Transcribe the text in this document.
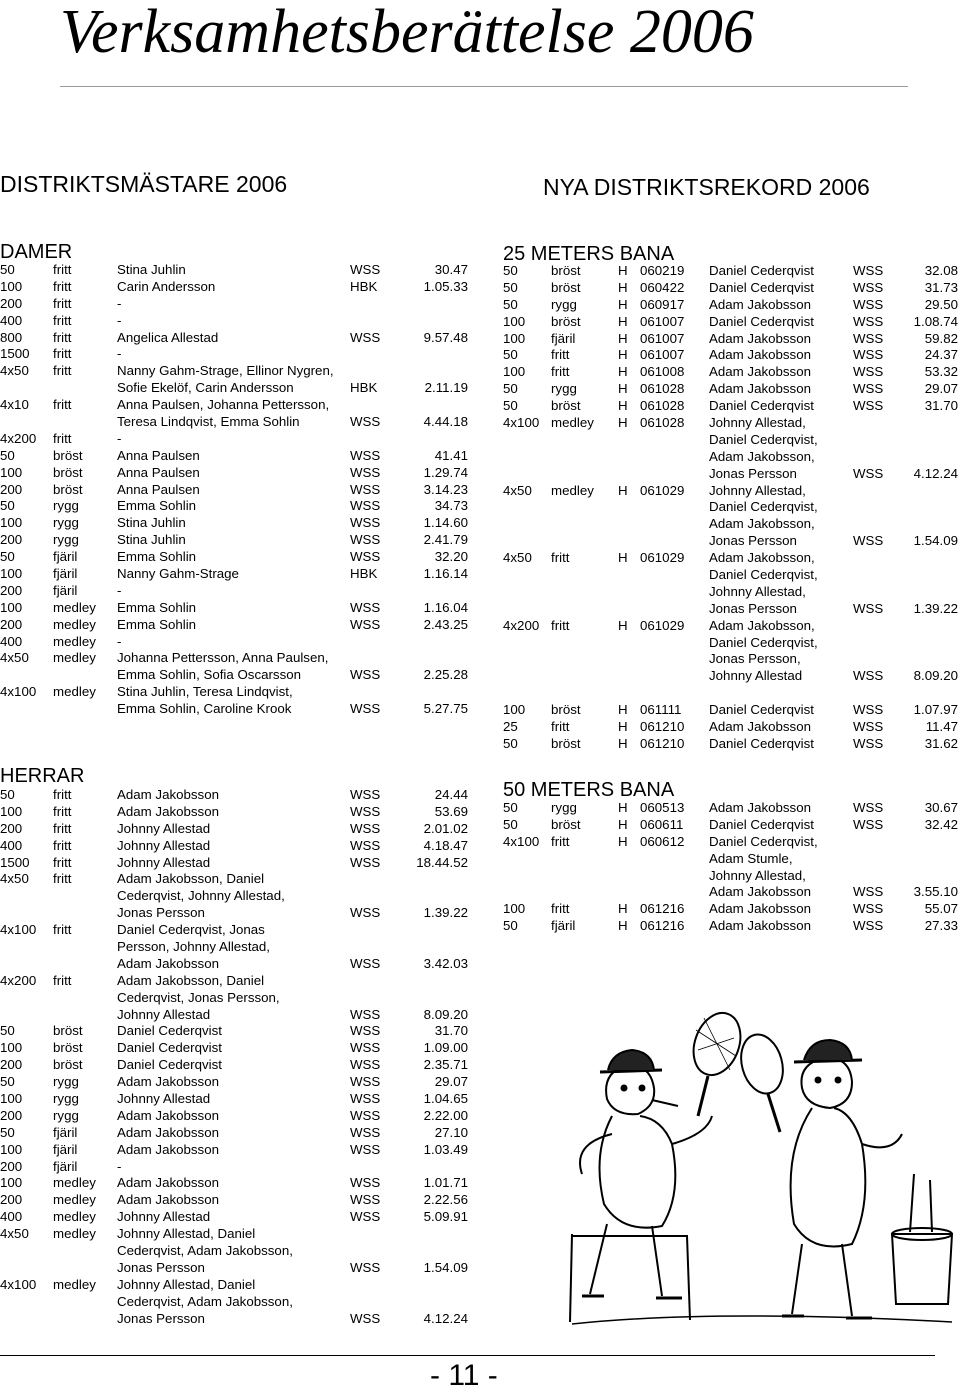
Verksamhetsberättelse 2006
DISTRIKTSMÄSTARE 2006	NYA DISTRIKTSREKORD 2006
DAMER
50	fritt	Stina Juhlin	WSS	30.47
100 fritt	Carin Andersson	HBK	1.05.33
200 fritt	-
400 fritt	-
800 fritt	Angelica Allestad	WSS	9.57.48
1500 fritt	-
4x50 fritt	Nanny Gahm-Strage, Ellinor Nygren,
Sofie Ekelöf, Carin Andersson	HBK	2.11.19
4x10 fritt	Anna Paulsen, Johanna Pettersson,
Teresa Lindqvist, Emma Sohlin	WSS	4.44.18
4x200 fritt	-
50	bröst	Anna Paulsen	WSS	41.41
100 bröst	Anna Paulsen	WSS	1.29.74
200 bröst	Anna Paulsen	WSS	3.14.23
50	rygg	Emma Sohlin	WSS	34.73
100 rygg	Stina Juhlin	WSS	1.14.60
200 rygg	Stina Juhlin	WSS	2.41.79
50	fjäril	Emma Sohlin	WSS	32.20
100 fjäril	Nanny Gahm-Strage	HBK	1.16.14
200 fjäril	-
100 medley Emma Sohlin	WSS	1.16.04
200 medley Emma Sohlin	WSS	2.43.25
400 medley -
4x50 medley Johanna Pettersson, Anna Paulsen,
Emma Sohlin, Sofia Oscarsson	WSS	2.25.28
4x100 medley Stina Juhlin, Teresa Lindqvist,
Emma Sohlin, Caroline Krook	WSS	5.27.75
HERRAR
50	fritt	Adam Jakobsson	WSS	24.44
100 fritt	Adam Jakobsson	WSS	53.69
200 fritt	Johnny Allestad	WSS	2.01.02
400 fritt	Johnny Allestad	WSS	4.18.47
1500 fritt	Johnny Allestad	WSS	18.44.52
4x50 fritt	Adam Jakobsson, Daniel
Cederqvist, Johnny Allestad,
Jonas Persson	WSS	1.39.22
4x100 fritt	Daniel Cederqvist, Jonas
Persson, Johnny Allestad,
Adam Jakobsson	WSS	3.42.03
4x200 fritt	Adam Jakobsson, Daniel
Cederqvist, Jonas Persson,
Johnny Allestad	WSS	8.09.20
50	bröst	Daniel Cederqvist	WSS	31.70
100 bröst	Daniel Cederqvist	WSS	1.09.00
200 bröst	Daniel Cederqvist	WSS	2.35.71
50	rygg	Adam Jakobsson	WSS	29.07
100 rygg	Johnny Allestad	WSS	1.04.65
200 rygg	Adam Jakobsson	WSS	2.22.00
50	fjäril	Adam Jakobsson	WSS	27.10
100 fjäril	Adam Jakobsson	WSS	1.03.49
200 fjäril	-
100 medley Adam Jakobsson	WSS	1.01.71
200 medley Adam Jakobsson	WSS	2.22.56
400 medley Johnny Allestad	WSS	5.09.91
4x50 medley Johnny Allestad, Daniel
Cederqvist, Adam Jakobsson,
Jonas Persson	WSS	1.54.09
4x100 medley Johnny Allestad, Daniel
Cederqvist, Adam Jakobsson,
Jonas Persson	WSS	4.12.24
25 METERS BANA
50 bröst	H 060219 Daniel Cederqvist	WSS	32.08
50 bröst	H 060422 Daniel Cederqvist	WSS	31.73
50 rygg	H 060917 Adam Jakobsson	WSS	29.50
100 bröst	H 061007 Daniel Cederqvist	WSS 1.08.74
100 fjäril	H 061007 Adam Jakobsson	WSS	59.82
50 fritt	H 061007 Adam Jakobsson	WSS	24.37
100 fritt	H 061008 Adam Jakobsson	WSS	53.32
50 rygg	H 061028 Adam Jakobsson	WSS	29.07
50 bröst	H 061028 Daniel Cederqvist	WSS	31.70
4x100 medley H 061028 Johnny Allestad,
Daniel Cederqvist,
Adam Jakobsson,
Jonas Persson	WSS 4.12.24
4x50 medley H 061029 Johnny Allestad,
Daniel Cederqvist,
Adam Jakobsson,
Jonas Persson	WSS 1.54.09
4x50 fritt	H 061029 Adam Jakobsson,
Daniel Cederqvist,
Johnny Allestad,
Jonas Persson	WSS 1.39.22
4x200 fritt	H 061029 Adam Jakobsson,
Daniel Cederqvist,
Jonas Persson,
Johnny Allestad	WSS 8.09.20
100 bröst	H 061111 Daniel Cederqvist	WSS 1.07.97
25 fritt	H 061210 Adam Jakobsson	WSS	11.47
50 bröst	H 061210 Daniel Cederqvist	WSS	31.62
50 METERS BANA
50 rygg	H 060513 Adam Jakobsson	WSS	30.67
50 bröst	H 060611 Daniel Cederqvist	WSS	32.42
4x100 fritt	H 060612 Daniel Cederqvist,
Adam Stumle,
Johnny Allestad,
Adam Jakobsson	WSS 3.55.10
100 fritt	H 061216 Adam Jakobsson	WSS	55.07
50 fjäril	H 061216 Adam Jakobsson	WSS	27.33
- 11 -
